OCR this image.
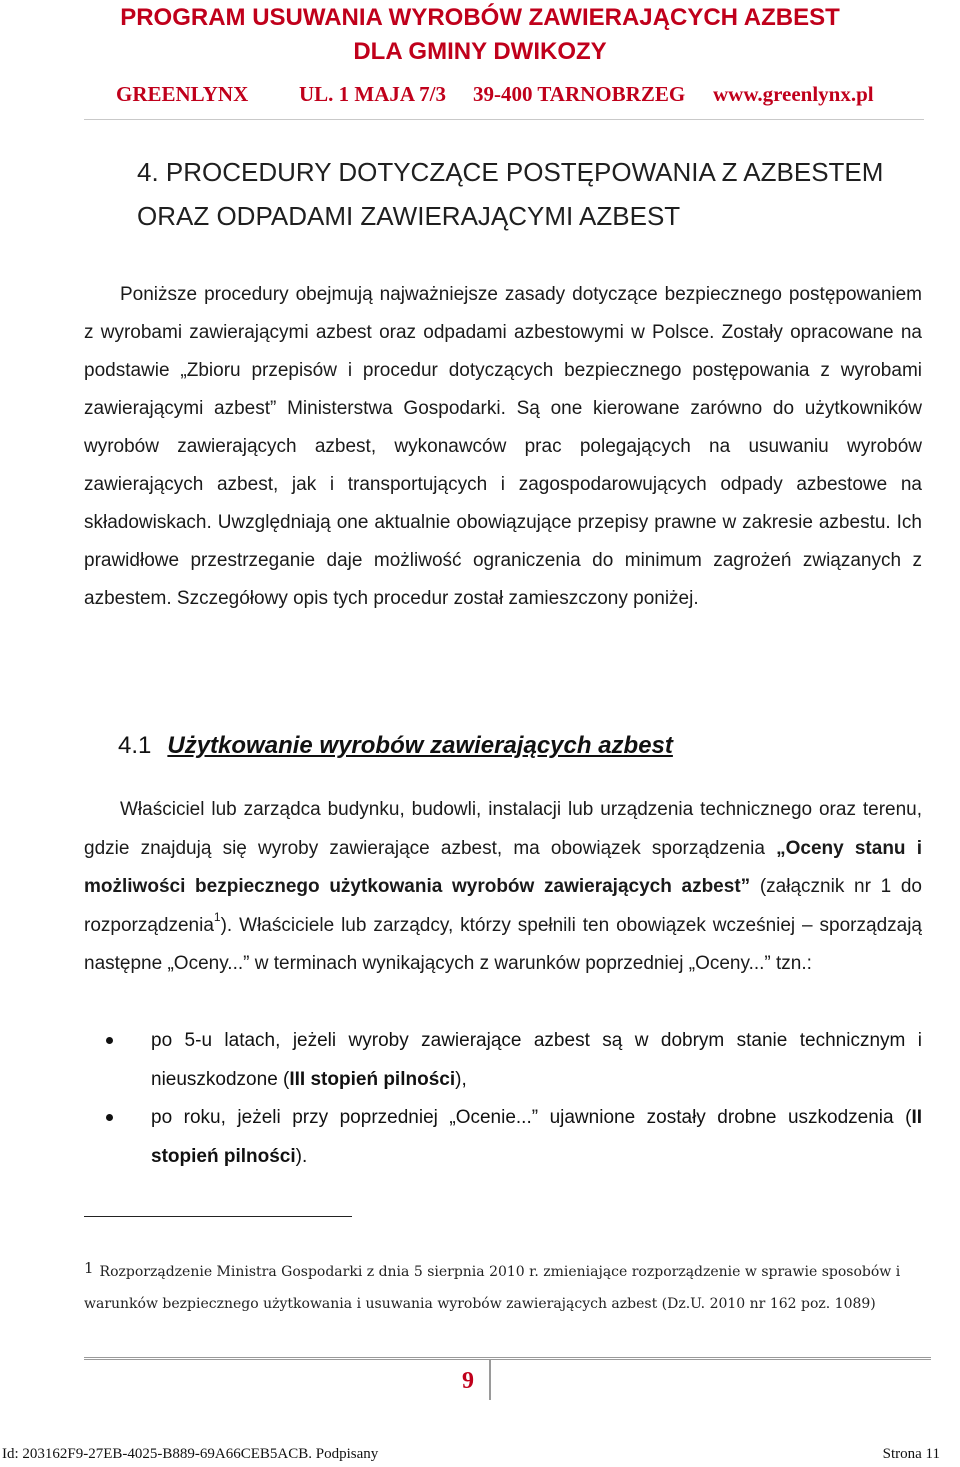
PROGRAM USUWANIA WYROBÓW ZAWIERAJĄCYCH AZBEST
DLA GMINY DWIKOZY
GREENLYNX UL. 1 MAJA 7/3 39-400 TARNOBRZEG www.greenlynx.pl
4. PROCEDURY DOTYCZĄCE POSTĘPOWANIA Z AZBESTEM
ORAZ ODPADAMI ZAWIERAJĄCYMI AZBEST
Poniższe procedury obejmują najważniejsze zasady dotyczące bezpiecznego postępowaniem z wyrobami zawierającymi azbest oraz odpadami azbestowymi w Polsce. Zostały opracowane na podstawie „Zbioru przepisów i procedur dotyczących bezpiecznego postępowania z wyrobami zawierającymi azbest” Ministerstwa Gospodarki. Są one kierowane zarówno do użytkowników wyrobów zawierających azbest, wykonawców prac polegających na usuwaniu wyrobów zawierających azbest, jak i transportujących i zagospodarowujących odpady azbestowe na składowiskach. Uwzględniają one aktualnie obowiązujące przepisy prawne w zakresie azbestu. Ich prawidłowe przestrzeganie daje możliwość ograniczenia do minimum zagrożeń związanych z azbestem. Szczegółowy opis tych procedur został zamieszczony poniżej.
4.1 Użytkowanie wyrobów zawierających azbest
Właściciel lub zarządca budynku, budowli, instalacji lub urządzenia technicznego oraz terenu, gdzie znajdują się wyroby zawierające azbest, ma obowiązek sporządzenia „Oceny stanu i możliwości bezpiecznego użytkowania wyrobów zawierających azbest” (załącznik nr 1 do rozporządzenia$^1$). Właściciele lub zarządcy, którzy spełnili ten obowiązek wcześniej – sporządzają następne „Oceny...” w terminach wynikających z warunków poprzedniej „Oceny...” tzn.:
po 5-u latach, jeżeli wyroby zawierające azbest są w dobrym stanie technicznym i nieuszkodzone (III stopień pilności),
po roku, jeżeli przy poprzedniej „Ocenie...” ujawnione zostały drobne uszkodzenia (II stopień pilności).
1 Rozporządzenie Ministra Gospodarki z dnia 5 sierpnia 2010 r. zmieniające rozporządzenie w sprawie sposobów i warunków bezpiecznego użytkowania i usuwania wyrobów zawierających azbest (Dz.U. 2010 nr 162 poz. 1089)
9
Id: 203162F9-27EB-4025-B889-69A66CEB5ACB. Podpisany	Strona 11
